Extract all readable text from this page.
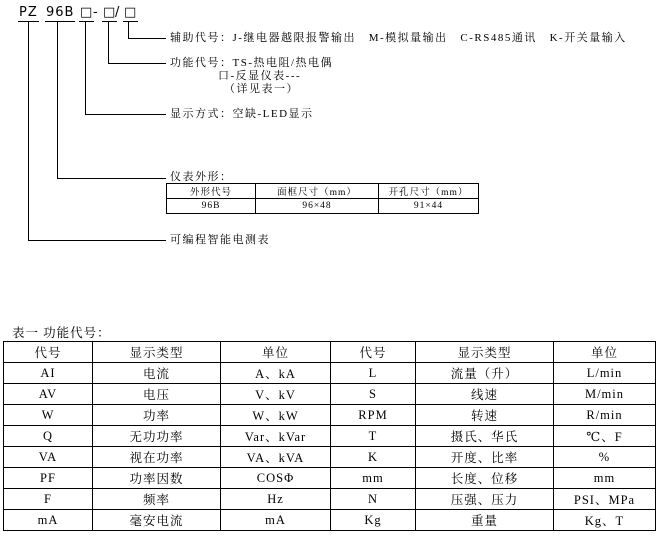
PZ 96B □ - □
/ □
辅助代号：J-继电器越限报警输出   M-模拟量输出   C-RS485通讯   K-开关量输入
功能代号：TS-热电阻/热电偶
口-反显仪表---
（详见表一）
显示方式：空缺-LED显示
仪表外形：
可编程智能电测表
外形代号	面框尺寸（mm）	开孔尺寸（mm）
96B	96×48	91×44
表一 功能代号：
代号	显示类型	单位	代号	显示类型	单位
AI	电流	A、kA	L	流量（升）	L/min
AV	电压	V、kV	S	线速	M/min
W	功率	W、kW	RPM	转速	R/min
Q	无功功率	Var、kVar	T	摄氏、华氏	℃、F
VA	视在功率	VA、kVA	K	开度、比率	%
PF	功率因数	COSΦ	mm	长度、位移	mm
F	频率	Hz	N	压强、压力	PSI、MPa
mA	毫安电流	mA	Kg	重量	Kg、T
